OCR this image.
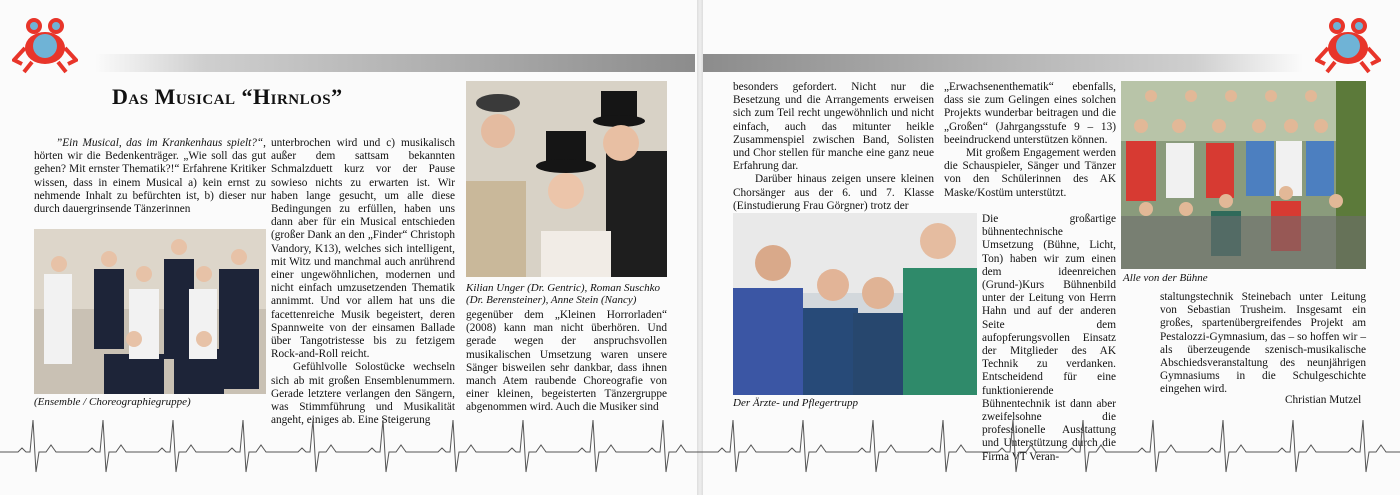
Das Musical “Hirnlos”

”Ein Musical, das im Krankenhaus spielt?“, hörten wir die Bedenkenträger. „Wie soll das gut gehen? Mit ernster Thematik?!“ Erfahrene Kritiker wissen, dass in einem Musical a) kein ernst zu nehmende Inhalt zu befürchten ist, b) dieser nur durch dauergrinsende Tänzerinnen

(Ensemble / Choreographiegruppe)

unterbrochen wird und c) musikalisch außer dem sattsam bekannten Schmalzduett kurz vor der Pause sowieso nichts zu erwarten ist. Wir haben lange gesucht, um alle diese Bedingungen zu erfüllen, haben uns dann aber für ein Musical entschieden (großer Dank an den „Finder“ Christoph Vandory, K13), welches sich intelligent, mit Witz und manchmal auch anrührend einer ungewöhnlichen, modernen und nicht einfach umzusetzenden Thematik annimmt. Und vor allem hat uns die facettenreiche Musik begeistert, deren Spannweite von der einsamen Ballade über Tangotristesse bis zu fetzigem Rock-and-Roll reicht.

Gefühlvolle Solostücke wechseln sich ab mit großen Ensemblenummern. Gerade letztere verlangen den Sängern, was Stimmführung und Musikalität angeht, einiges ab. Eine Steigerung

Kilian Unger (Dr. Gentric), Roman Suschko
(Dr. Berensteiner), Anne Stein (Nancy)

gegenüber dem „Kleinen Horrorladen“ (2008) kann man nicht überhören. Und gerade wegen der anspruchsvollen musikalischen Umsetzung waren unsere Sänger bisweilen sehr dankbar, dass ihnen manch Atem raubende Choreografie von einer kleinen, begeisterten Tänzergruppe abgenommen wird. Auch die Musiker sind

besonders gefordert. Nicht nur die Besetzung und die Arrangements erweisen sich zum Teil recht ungewöhnlich und nicht einfach, auch das mitunter heikle Zusammenspiel zwischen Band, Solisten und Chor stellen für manche eine ganz neue Erfahrung dar.

Darüber hinaus zeigen unsere kleinen Chorsänger aus der 6. und 7. Klasse (Einstudierung Frau Görgner) trotz der

Der Ärzte- und Pflegertrupp

„Erwachsenenthematik“ ebenfalls, dass sie zum Gelingen eines solchen Projekts wunderbar beitragen und die „Großen“ (Jahrgangsstufe 9 – 13) beeindruckend unterstützen können.

Mit großem Engagement werden die Schauspieler, Sänger und Tänzer von den Schülerinnen des AK Maske/Kostüm unterstützt.

Die großartige bühnentechnische Umsetzung (Bühne, Licht, Ton) haben wir zum einen dem ideenreichen (Grund-)Kurs Bühnenbild unter der Leitung von Herrn Hahn und auf der anderen Seite dem aufopferungsvollen Einsatz der Mitglieder des AK Technik zu verdanken. Entscheidend für eine funktionierende Bühnentechnik ist dann aber zweifelsohne die professionelle Ausstattung und Unterstützung durch die Firma VT Veran-

Alle von der Bühne

staltungstechnik Steinebach unter Leitung von Sebastian Trusheim. Insgesamt ein großes, spartenübergreifendes Projekt am Pestalozzi-Gymnasium, das – so hoffen wir – als überzeugende szenisch-musikalische Abschiedsveranstaltung des neunjährigen Gymnasiums in die Schulgeschichte eingehen wird.

Christian Mutzel
